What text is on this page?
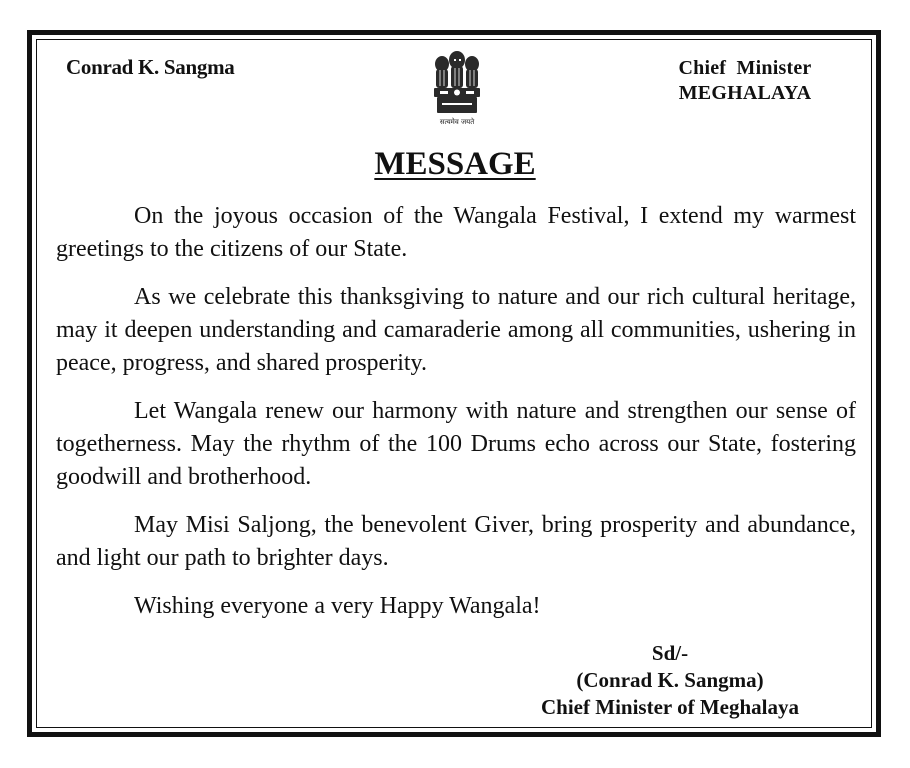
Conrad K. Sangma	Chief  Minister
MEGHALAYA
सत्यमेव जयते
MESSAGE

On the joyous occasion of the Wangala Festival, I extend my warmest greetings to the citizens of our State.

As we celebrate this thanksgiving to nature and our rich cultural heritage, may it deepen understanding and camaraderie among all communities, ushering in peace, progress, and shared prosperity.

Let Wangala renew our harmony with nature and strengthen our sense of togetherness. May the rhythm of the 100 Drums echo across our State, fostering goodwill and brotherhood.

May Misi Saljong, the benevolent Giver, bring prosperity and abundance, and light our path to brighter days.

Wishing everyone a very Happy Wangala!

Sd/-
(Conrad K. Sangma)
Chief Minister of Meghalaya
